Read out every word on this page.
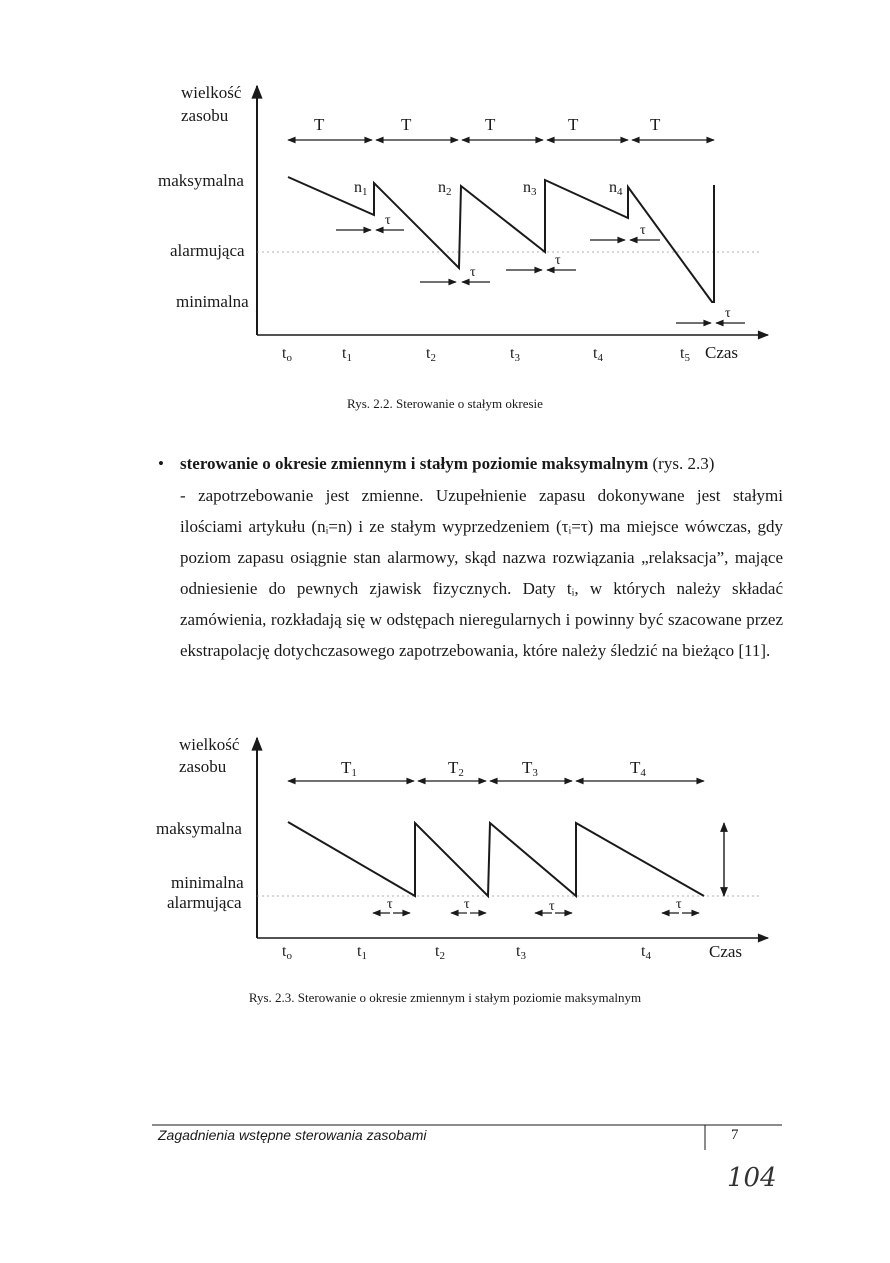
wielkość
zasobu
maksymalna
alarmująca
minimalna
T	T	T	T	T
n1	n2	n3	n4
τ
τ
τ
τ
τ
to	t1	t2	t3	t4	t5 Czas
Rys. 2.2. Sterowanie o stałym okresie
• sterowanie o okresie zmiennym i stałym poziomie maksymalnym (rys. 2.3)
- zapotrzebowanie jest zmienne. Uzupełnienie zapasu dokonywane jest stałymi ilościami artykułu (nᵢ=n) i ze stałym wyprzedzeniem (τᵢ=τ) ma miejsce wówczas, gdy poziom zapasu osiągnie stan alarmowy, skąd nazwa rozwiązania „relaksacja”, mające odniesienie do pewnych zjawisk fizycznych. Daty tᵢ, w których należy składać zamówienia, rozkładają się w odstępach nieregularnych i powinny być szacowane przez ekstrapolację dotychczasowego zapotrzebowania, które należy śledzić na bieżąco [11].
wielkość
zasobu
maksymalna
minimalna
alarmująca
T1	T2	T3	T4
τ	τ	τ	τ
to	t1	t2	t3	t4	Czas
Rys. 2.3. Sterowanie o okresie zmiennym i stałym poziomie maksymalnym
Zagadnienia wstępne sterowania zasobami	7
104
